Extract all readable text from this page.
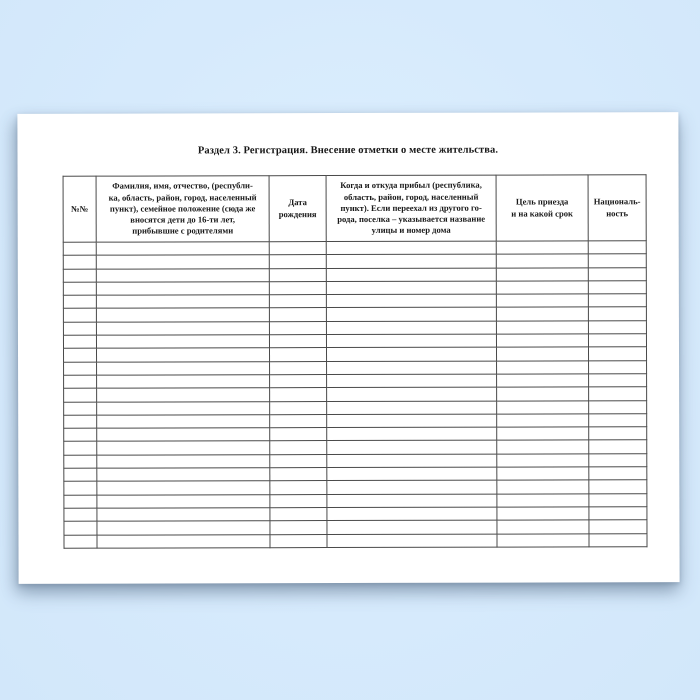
Раздел 3. Регистрация. Внесение отметки о месте жительства.
№№	Фамилия, имя, отчество, (республи-
ка, область, район, город, населенный
пункт), семейное положение (сюда же
вносятся дети до 16-ти лет,
прибывшие с родителями	Дата
рождения	Когда и откуда прибыл (республика,
область, район, город, населенный
пункт). Если переехал из другого го-
рода, поселка – указывается название
улицы и номер дома	Цель приезда
и на какой срок	Националь-
ность
